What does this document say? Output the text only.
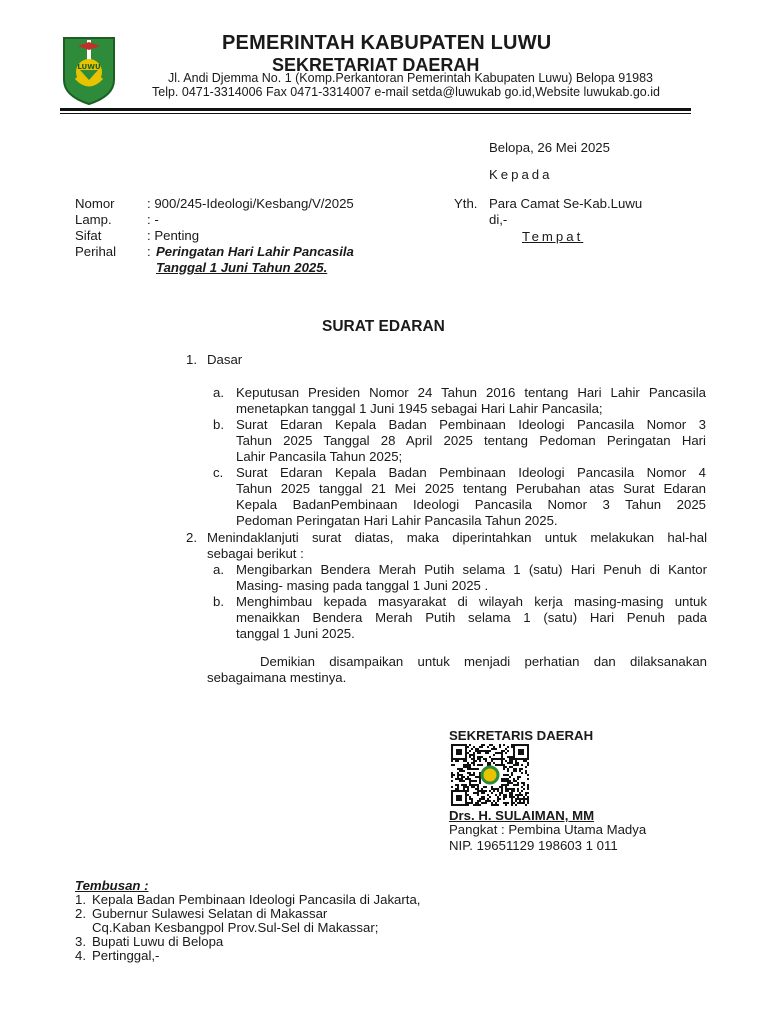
LUWU
PEMERINTAH KABUPATEN LUWU
SEKRETARIAT DAERAH
Jl. Andi Djemma No. 1 (Komp.Perkantoran Pemerintah Kabupaten Luwu) Belopa 91983
Telp. 0471-3314006 Fax 0471-3314007 e-mail setda@luwukab go.id,Website luwukab.go.id
Belopa, 26 Mei 2025
Kepada
Nomor : 900/245-Ideologi/Kesbang/V/2025
Lamp.	: -
Sifat	: Penting
Perihal : Peringatan Hari Lahir Pancasila
Tanggal 1 Juni Tahun 2025.
Yth. Para Camat Se-Kab.Luwu
di,-
Tempat
SURAT EDARAN
1. Dasar
a. Keputusan Presiden Nomor 24 Tahun 2016 tentang Hari Lahir Pancasila
menetapkan tanggal 1 Juni 1945 sebagai Hari Lahir Pancasila;
b. Surat Edaran Kepala Badan Pembinaan Ideologi Pancasila Nomor 3
Tahun 2025 Tanggal 28 April 2025 tentang Pedoman Peringatan Hari
Lahir Pancasila Tahun 2025;
c. Surat Edaran Kepala Badan Pembinaan Ideologi Pancasila Nomor 4
Tahun 2025 tanggal 21 Mei 2025 tentang Perubahan atas Surat Edaran
Kepala BadanPembinaan Ideologi Pancasila Nomor 3 Tahun 2025
Pedoman Peringatan Hari Lahir Pancasila Tahun 2025.
2. Menindaklanjuti surat diatas, maka diperintahkan untuk melakukan hal-hal
sebagai berikut :
a. Mengibarkan Bendera Merah Putih selama 1 (satu) Hari Penuh di Kantor
Masing- masing pada tanggal 1 Juni 2025 .
b. Menghimbau kepada masyarakat di wilayah kerja masing-masing untuk
menaikkan Bendera Merah Putih selama 1 (satu) Hari Penuh pada
tanggal 1 Juni 2025.
Demikian disampaikan untuk menjadi perhatian dan dilaksanakan
sebagaimana mestinya.
SEKRETARIS DAERAH
Drs. H. SULAIMAN, MM
Pangkat : Pembina Utama Madya
NIP. 19651129 198603 1 011
Tembusan :
1. Kepala Badan Pembinaan Ideologi Pancasila di Jakarta,
2. Gubernur Sulawesi Selatan di Makassar
Cq.Kaban Kesbangpol Prov.Sul-Sel di Makassar;
3. Bupati Luwu di Belopa
4. Pertinggal,-
